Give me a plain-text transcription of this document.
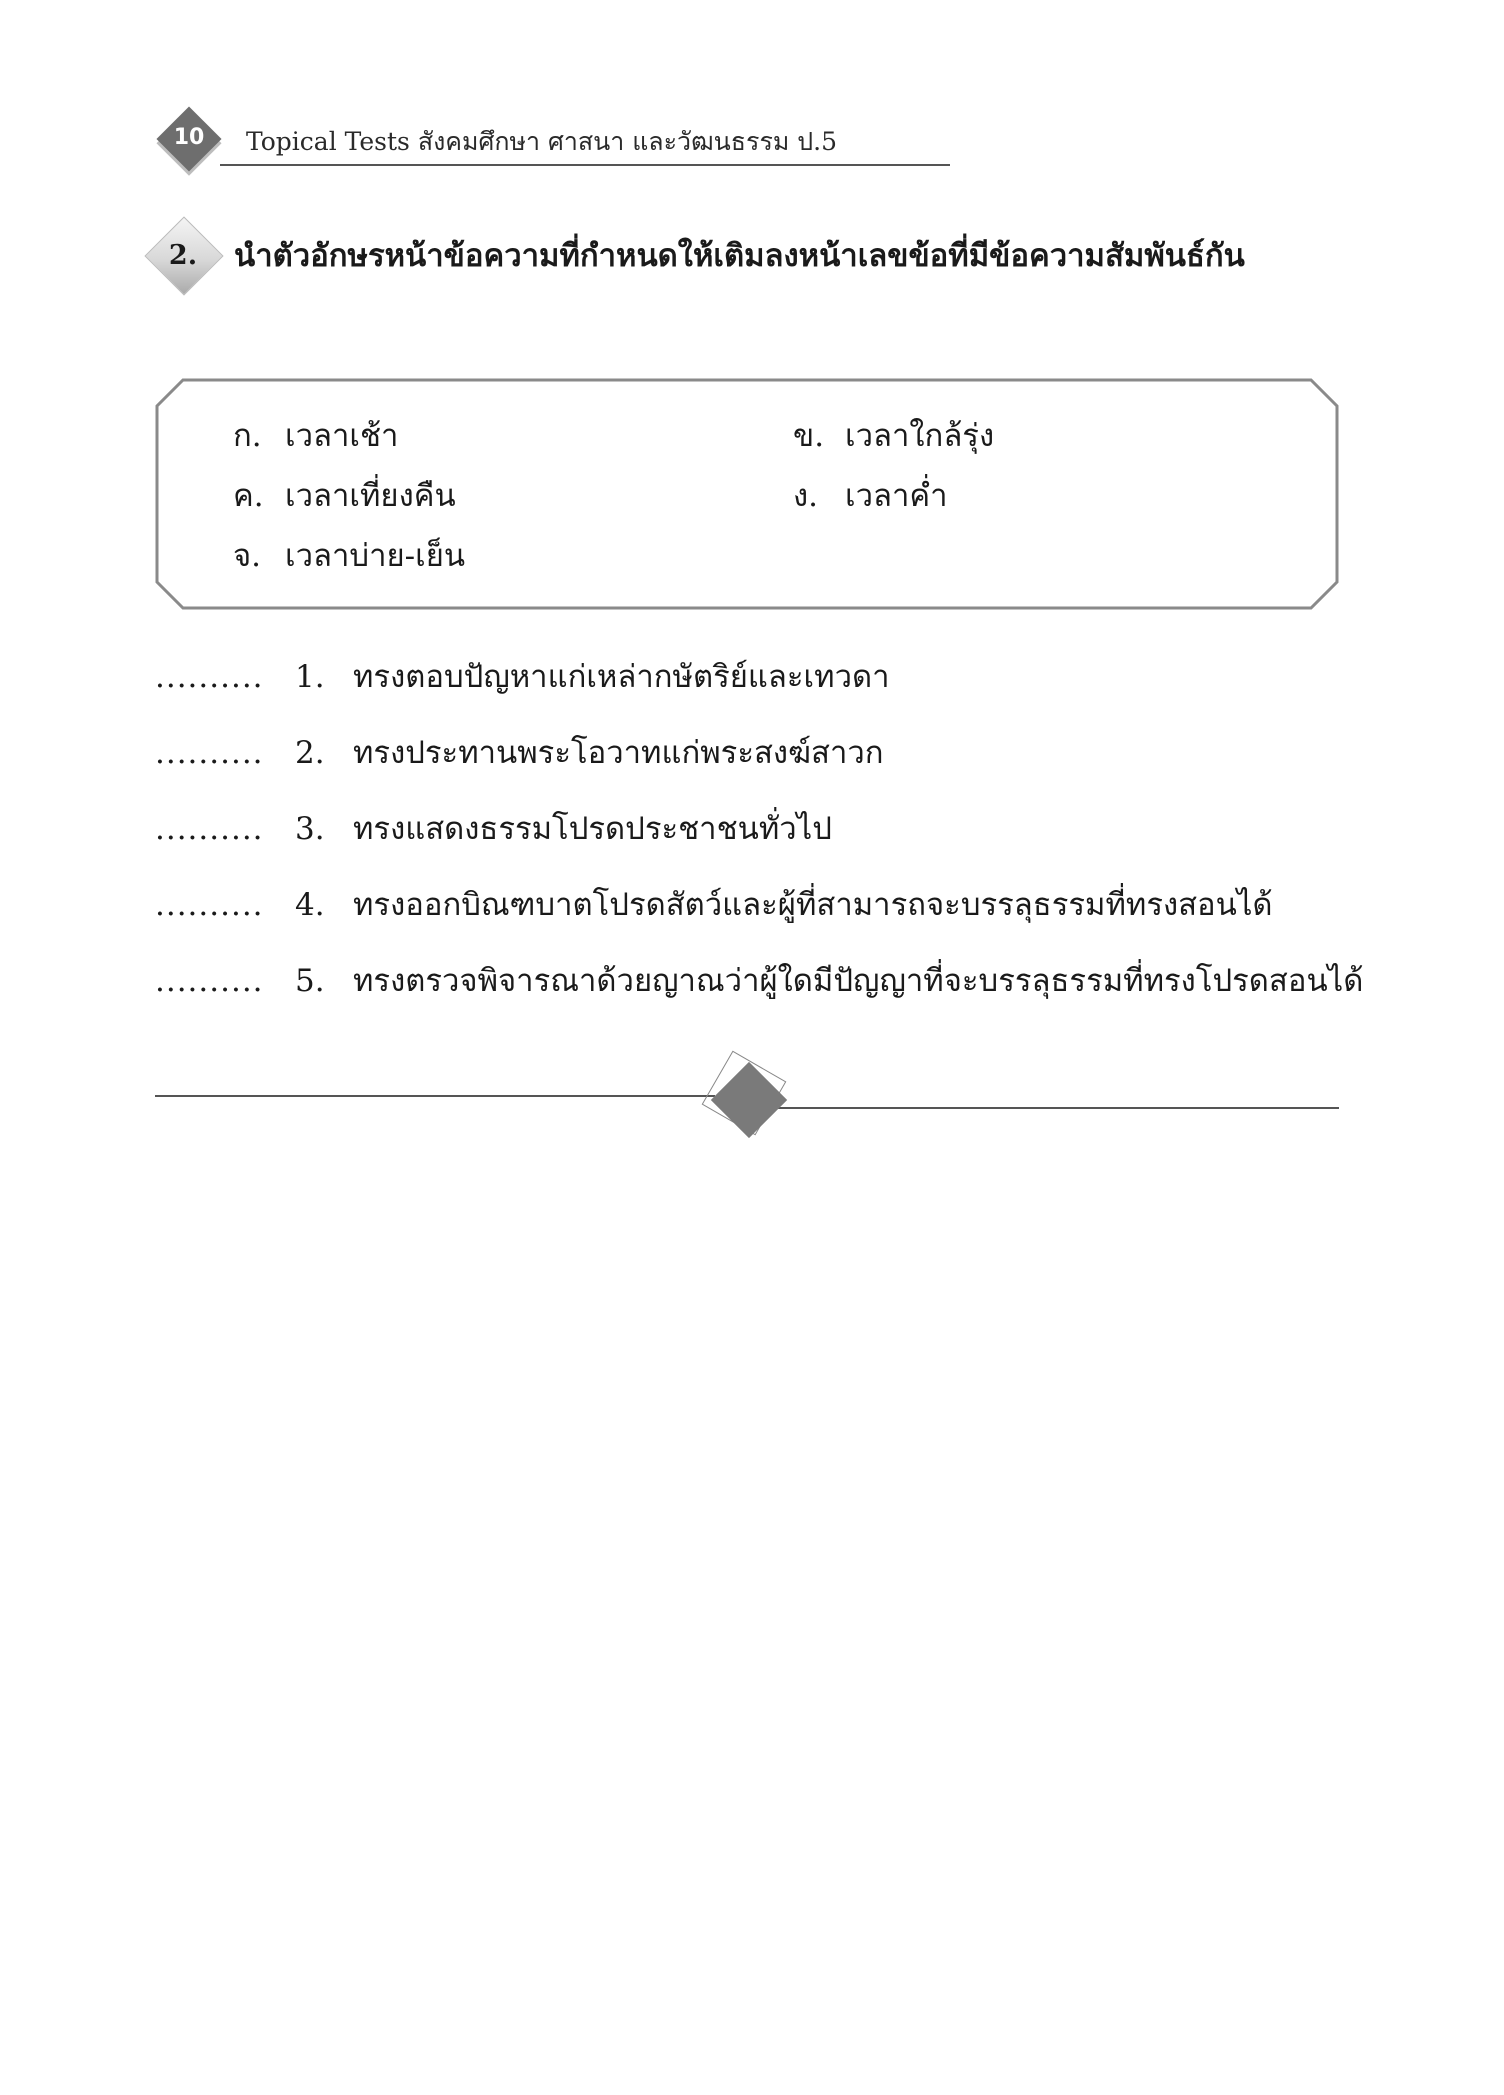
10	Topical Tests สังคมศึกษา ศาสนา และวัฒนธรรม ป.5
2.	นำตัวอักษรหน้าข้อความที่กำหนดให้เติมลงหน้าเลขข้อที่มีข้อความสัมพันธ์กัน
ก. เวลาเช้า	ข. เวลาใกล้รุ่ง
ค. เวลาเที่ยงคืน	ง. เวลาค่ำ
จ. เวลาบ่าย-เย็น
.......... 1. ทรงตอบปัญหาแก่เหล่ากษัตริย์และเทวดา
.......... 2. ทรงประทานพระโอวาทแก่พระสงฆ์สาวก
.......... 3. ทรงแสดงธรรมโปรดประชาชนทั่วไป
.......... 4. ทรงออกบิณฑบาตโปรดสัตว์และผู้ที่สามารถจะบรรลุธรรมที่ทรงสอนได้
.......... 5. ทรงตรวจพิจารณาด้วยญาณว่าผู้ใดมีปัญญาที่จะบรรลุธรรมที่ทรงโปรดสอนได้
